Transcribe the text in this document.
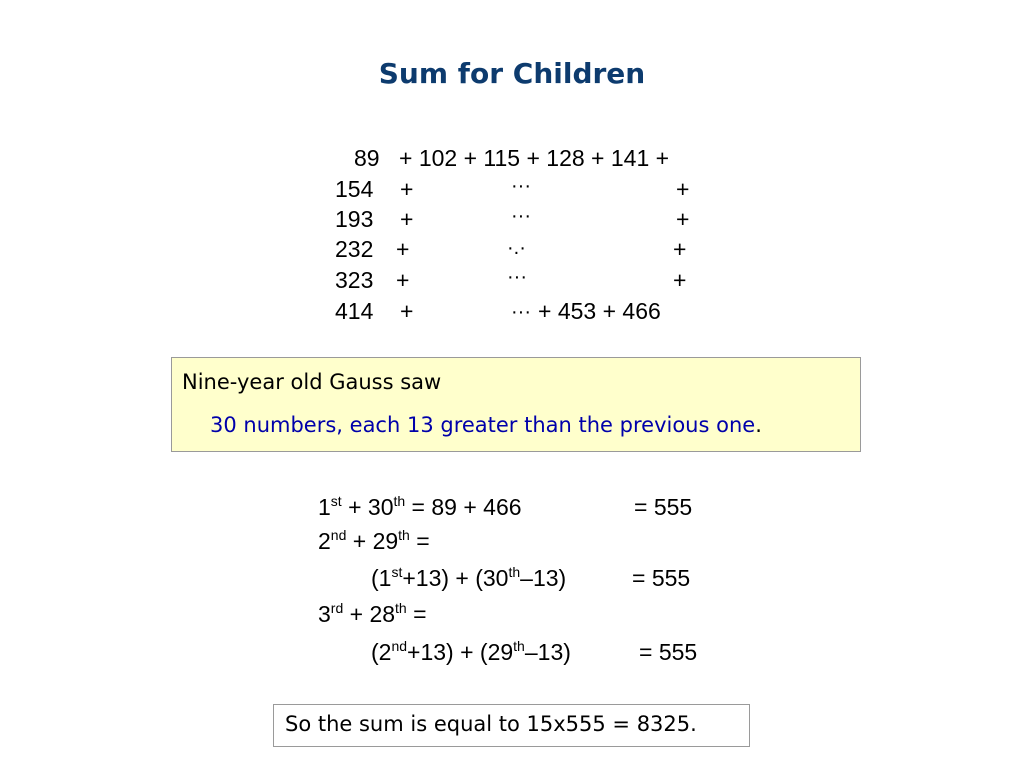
Sum for Children
89 + 102 + 115 + 128 + 141 +
154 +	···	+
193 +	···	+
232 +	·.·	+
323 +	···	+
414 +	··· + 453 + 466
Nine-year old Gauss saw
30 numbers, each 13 greater than the previous one.
1st + 30th = 89 + 466	= 555
2nd + 29th =
(1st+13) + (30th–13)	= 555
3rd + 28th =
(2nd+13) + (29th–13)	= 555
So the sum is equal to 15x555 = 8325.
